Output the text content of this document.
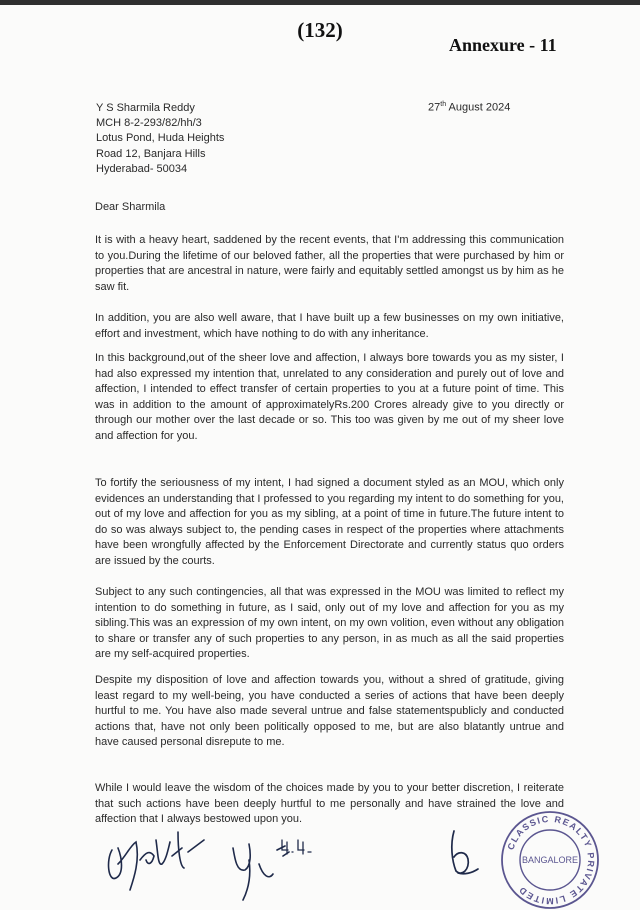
(132)
Annexure - 11
Y S Sharmila Reddy
MCH 8-2-293/82/hh/3
Lotus Pond, Huda Heights
Road 12, Banjara Hills
Hyderabad- 50034
27th August 2024
Dear Sharmila

It is with a heavy heart, saddened by the recent events, that I'm addressing this communication to you.During the lifetime of our beloved father, all the properties that were purchased by him or properties that are ancestral in nature, were fairly and equitably settled amongst us by him as he saw fit.

In addition, you are also well aware, that I have built up a few businesses on my own initiative, effort and investment, which have nothing to do with any inheritance.

In this background,out of the sheer love and affection, I always bore towards you as my sister, I had also expressed my intention that, unrelated to any consideration and purely out of love and affection, I intended to effect transfer of certain properties to you at a future point of time. This was in addition to the amount of approximatelyRs.200 Crores already give to you directly or through our mother over the last decade or so. This too was given by me out of my sheer love and affection for you.

To fortify the seriousness of my intent, I had signed a document styled as an MOU, which only evidences an understanding that I professed to you regarding my intent to do something for you, out of my love and affection for you as my sibling, at a point of time in future.The future intent to do so was always subject to, the pending cases in respect of the properties where attachments have been wrongfully affected by the Enforcement Directorate and currently status quo orders are issued by the courts.

Subject to any such contingencies, all that was expressed in the MOU was limited to reflect my intention to do something in future, as I said, only out of my love and affection for you as my sibling.This was an expression of my own intent, on my own volition, even without any obligation to share or transfer any of such properties to any person, in as much as all the said properties are my self-acquired properties.

Despite my disposition of love and affection towards you, without a shred of gratitude, giving least regard to my well-being, you have conducted a series of actions that have been deeply hurtful to me. You have also made several untrue and false statementspublicly and conducted actions that, have not only been politically opposed to me, but are also blatantly untrue and have caused personal disrepute to me.

While I would leave the wisdom of the choices made by you to your better discretion, I reiterate that such actions have been deeply hurtful to me personally and have strained the love and affection that I always bestowed upon you.

CLASSIC REALTY PRIVATE LIMITED
BANGALORE
